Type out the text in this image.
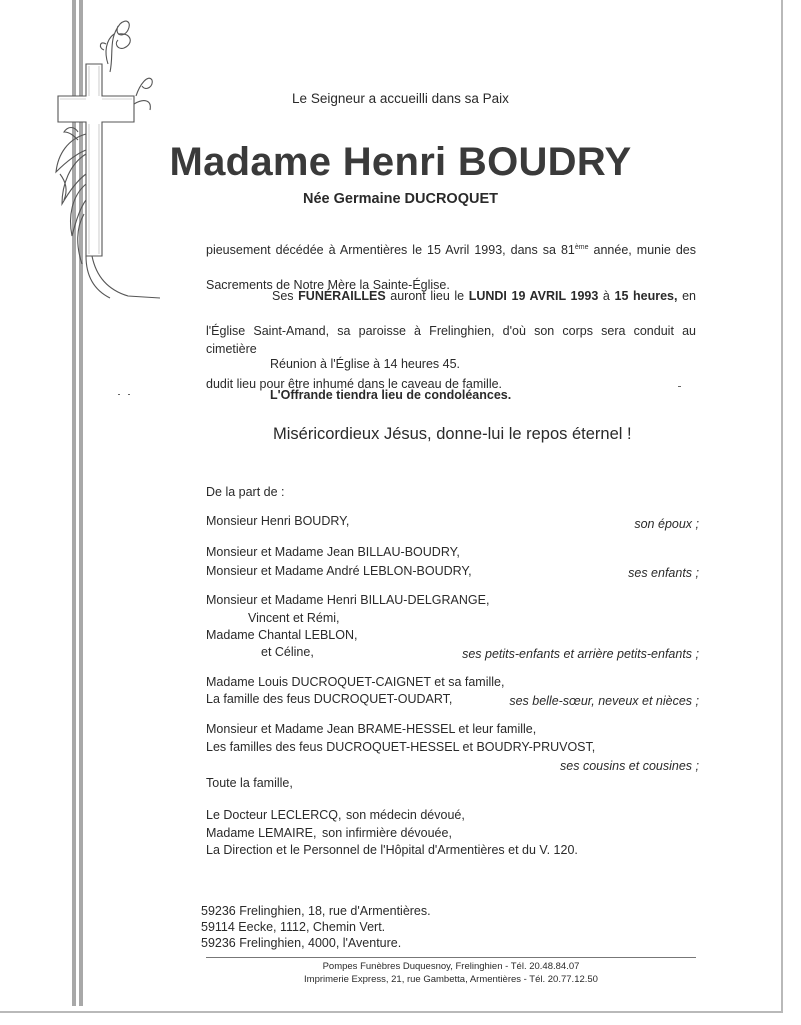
Le Seigneur a accueilli dans sa Paix
Madame Henri BOUDRY
Née Germaine DUCROQUET
pieusement décédée à Armentières le 15 Avril 1993, dans sa 81ème année, munie des
Sacrements de Notre Mère la Sainte-Église.
Ses FUNÉRAILLES auront lieu le LUNDI 19 AVRIL 1993 à 15 heures, en
l'Église Saint-Amand, sa paroisse à Frelinghien, d'où son corps sera conduit au cimetière
dudit lieu pour être inhumé dans le caveau de famille.
Réunion à l'Église à 14 heures 45.
L'Offrande tiendra lieu de condoléances.
Miséricordieux Jésus, donne-lui le repos éternel !
De la part de :
Monsieur Henri BOUDRY,	son époux ;
Monsieur et Madame Jean BILLAU-BOUDRY,
Monsieur et Madame André LEBLON-BOUDRY,	ses enfants ;
Monsieur et Madame Henri BILLAU-DELGRANGE,
Vincent et Rémi,
Madame Chantal LEBLON,
et Céline,	ses petits-enfants et arrière petits-enfants ;
Madame Louis DUCROQUET-CAIGNET et sa famille,
La famille des feus DUCROQUET-OUDART,	ses belle-sœur, neveux et nièces ;
Monsieur et Madame Jean BRAME-HESSEL et leur famille,
Les familles des feus DUCROQUET-HESSEL et BOUDRY-PRUVOST,
ses cousins et cousines ;
Toute la famille,
Le Docteur LECLERCQ, son médecin dévoué,
Madame LEMAIRE, son infirmière dévouée,
La Direction et le Personnel de l'Hôpital d'Armentières et du V. 120.
59236 Frelinghien, 18, rue d'Armentières.
59114 Eecke, 1112, Chemin Vert.
59236 Frelinghien, 4000, l'Aventure.
Pompes Funèbres Duquesnoy, Frelinghien - Tél. 20.48.84.07
Imprimerie Express, 21, rue Gambetta, Armentières - Tél. 20.77.12.50
